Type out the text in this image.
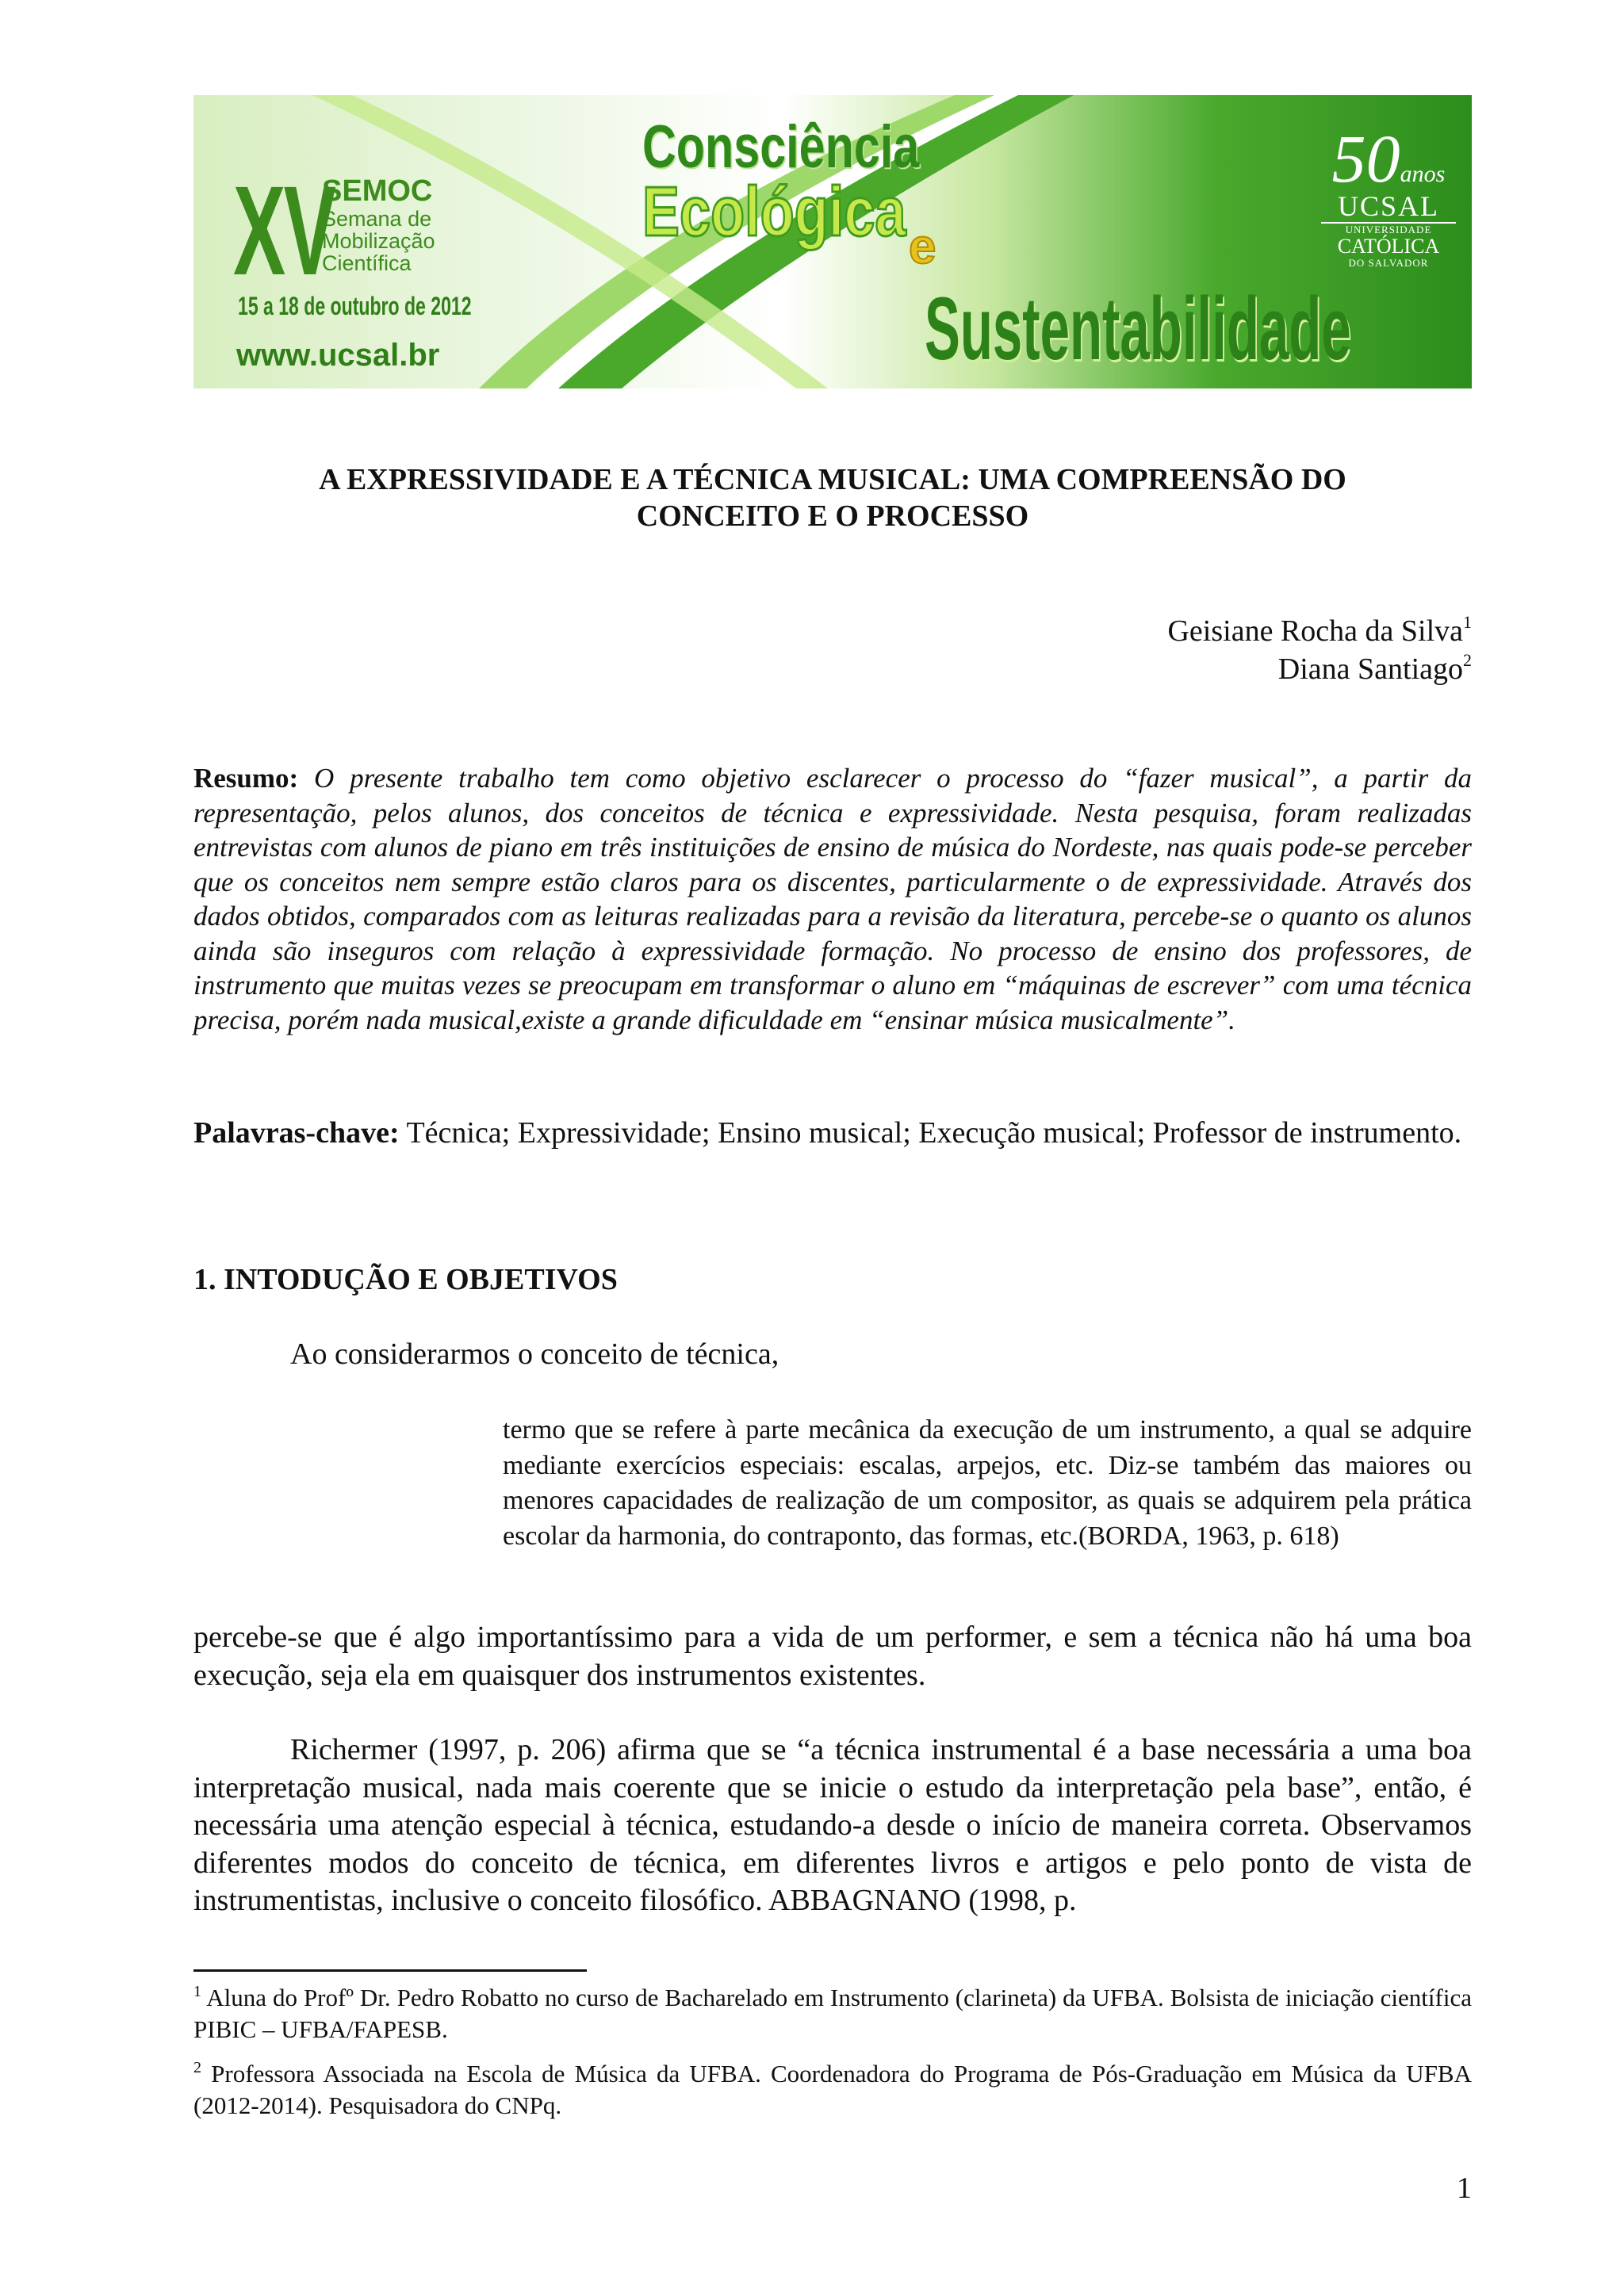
XV
SEMOC
Semana de Mobilização Científica
15 a 18 de outubro de 2012
www.ucsal.br
Consciência
Ecológica e
Sustentabilidade
50anos
UCSAL
UNIVERSIDADE
CATÓLICA
DO SALVADOR
A EXPRESSIVIDADE E A TÉCNICA MUSICAL: UMA COMPREENSÃO DO
CONCEITO E O PROCESSO
Geisiane Rocha da Silva$^1$
Diana Santiago$^2$
Resumo: O presente trabalho tem como objetivo esclarecer o processo do “fazer musical”, a partir da representação, pelos alunos, dos conceitos de técnica e expressividade. Nesta pesquisa, foram realizadas entrevistas com alunos de piano em três instituições de ensino de música do Nordeste, nas quais pode-se perceber que os conceitos nem sempre estão claros para os discentes, particularmente o de expressividade. Através dos dados obtidos, comparados com as leituras realizadas para a revisão da literatura, percebe-se o quanto os alunos ainda são inseguros com relação à expressividade formação. No processo de ensino dos professores, de instrumento que muitas vezes se preocupam em transformar o aluno em “máquinas de escrever” com uma técnica precisa, porém nada musical,existe a grande dificuldade em “ensinar música musicalmente”.
Palavras-chave: Técnica; Expressividade; Ensino musical; Execução musical; Professor de instrumento.
1. INTODUÇÃO E OBJETIVOS
Ao considerarmos o conceito de técnica,
termo que se refere à parte mecânica da execução de um instrumento, a qual se adquire mediante exercícios especiais: escalas, arpejos, etc. Diz-se também das maiores ou menores capacidades de realização de um compositor, as quais se adquirem pela prática escolar da harmonia, do contraponto, das formas, etc.(BORDA, 1963, p. 618)
percebe-se que é algo importantíssimo para a vida de um performer, e sem a técnica não há uma boa execução, seja ela em quaisquer dos instrumentos existentes.
Richermer (1997, p. 206) afirma que se “a técnica instrumental é a base necessária a uma boa interpretação musical, nada mais coerente que se inicie o estudo da interpretação pela base”, então, é necessária uma atenção especial à técnica, estudando-a desde o início de maneira correta. Observamos diferentes modos do conceito de técnica, em diferentes livros e artigos e pelo ponto de vista de instrumentistas, inclusive o conceito filosófico. ABBAGNANO (1998, p.
$^1$ Aluna do Profº Dr. Pedro Robatto no curso de Bacharelado em Instrumento (clarineta) da UFBA. Bolsista de iniciação científica PIBIC – UFBA/FAPESB.
$^2$ Professora Associada na Escola de Música da UFBA. Coordenadora do Programa de Pós-Graduação em Música da UFBA (2012-2014). Pesquisadora do CNPq.
1
